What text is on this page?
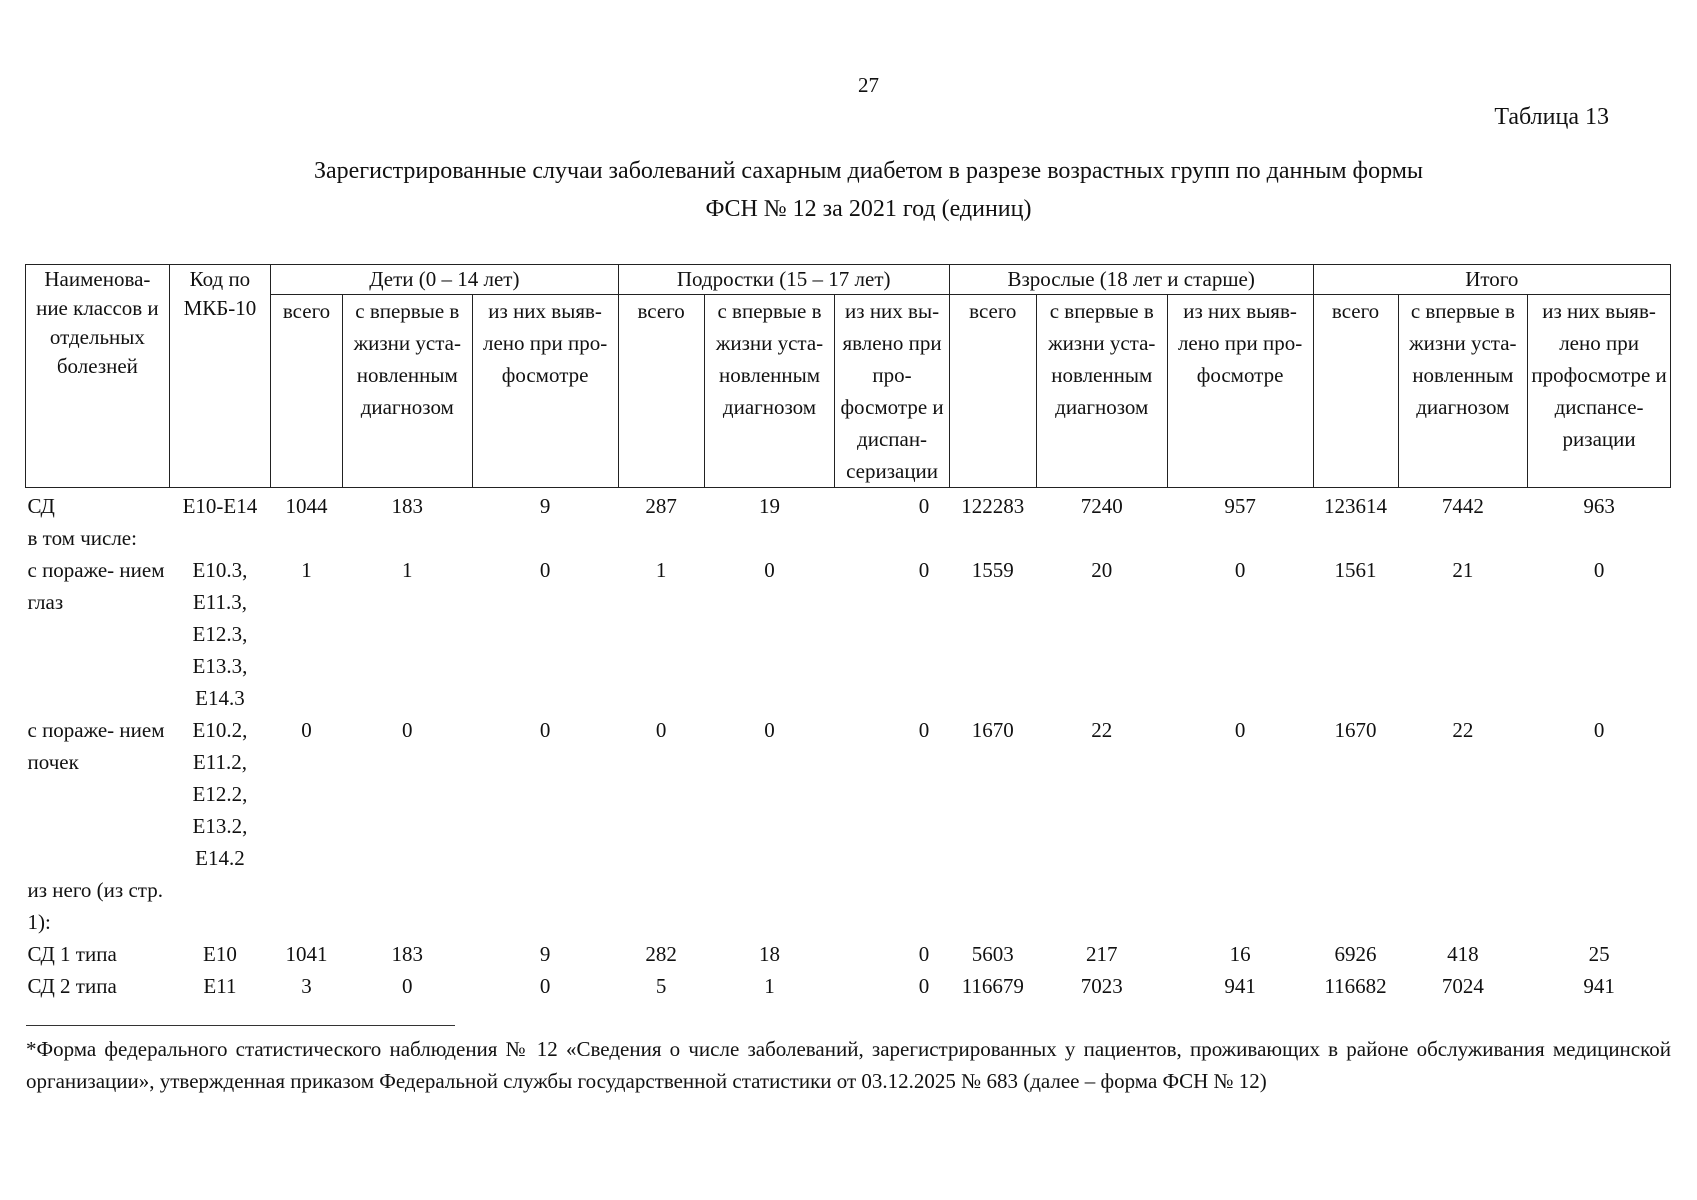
27
Таблица 13
Зарегистрированные случаи заболеваний сахарным диабетом в разрезе возрастных групп по данным формы
ФСН № 12 за 2021 год (единиц)
Наименова- ние классов и отдельных болезней	Код по МКБ-10	Дети (0 – 14 лет)			Подростки (15 – 17 лет)			Взрослые (18 лет и старше)			Итого		
		всего	с впервые в жизни уста- новленным диагнозом	из них выяв- лено при про- фосмотре	всего	с впервые в жизни уста- новленным диагнозом	из них вы- явлено при про- фосмотре и диспан- серизации	всего	с впервые в жизни уста- новленным диагнозом	из них выяв- лено при про- фосмотре	всего	с впервые в жизни уста- новленным диагнозом	из них выяв- лено при профосмотре и диспансе- ризации
СД	E10-E14	1044	183	9	287	19	0	122283	7240	957	123614	7442	963
в том числе:													
с пораже- нием глаз	E10.3, E11.3, E12.3, E13.3, E14.3	1	1	0	1	0	0	1559	20	0	1561	21	0
с пораже- нием почек	E10.2, E11.2, E12.2, E13.2, E14.2	0	0	0	0	0	0	1670	22	0	1670	22	0
из него (из стр. 1):													
СД 1 типа	E10	1041	183	9	282	18	0	5603	217	16	6926	418	25
СД 2 типа	E11	3	0	0	5	1	0	116679	7023	941	116682	7024	941
*Форма федерального статистического наблюдения № 12 «Сведения о числе заболеваний, зарегистрированных у пациентов, проживающих в районе обслуживания медицинской организации», утвержденная приказом Федеральной службы государственной статистики от 03.12.2025 № 683 (далее – форма ФСН № 12)
